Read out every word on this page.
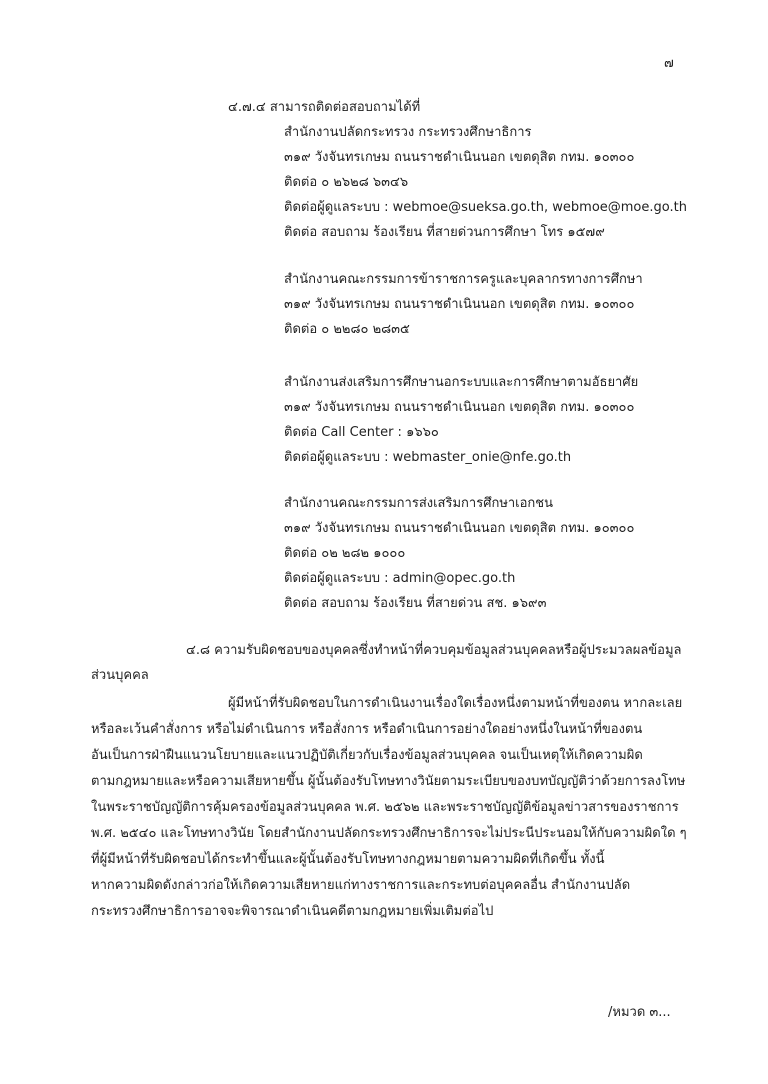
๗
๔.๗.๔ สามารถติดต่อสอบถามได้ที่
สำนักงานปลัดกระทรวง กระทรวงศึกษาธิการ
๓๑๙ วังจันทรเกษม ถนนราชดำเนินนอก เขตดุสิต กทม. ๑๐๓๐๐
ติดต่อ ๐ ๒๖๒๘ ๖๓๔๖
ติดต่อผู้ดูแลระบบ : webmoe@sueksa.go.th, webmoe@moe.go.th
ติดต่อ สอบถาม ร้องเรียน ที่สายด่วนการศึกษา โทร ๑๕๗๙
สำนักงานคณะกรรมการข้าราชการครูและบุคลากรทางการศึกษา
๓๑๙ วังจันทรเกษม ถนนราชดำเนินนอก เขตดุสิต กทม. ๑๐๓๐๐
ติดต่อ ๐ ๒๒๘๐ ๒๘๓๕
สำนักงานส่งเสริมการศึกษานอกระบบและการศึกษาตามอัธยาศัย
๓๑๙ วังจันทรเกษม ถนนราชดำเนินนอก เขตดุสิต กทม. ๑๐๓๐๐
ติดต่อ Call Center : ๑๖๖๐
ติดต่อผู้ดูแลระบบ : webmaster_onie@nfe.go.th
สำนักงานคณะกรรมการส่งเสริมการศึกษาเอกชน
๓๑๙ วังจันทรเกษม ถนนราชดำเนินนอก เขตดุสิต กทม. ๑๐๓๐๐
ติดต่อ ๐๒ ๒๘๒ ๑๐๐๐
ติดต่อผู้ดูแลระบบ : admin@opec.go.th
ติดต่อ สอบถาม ร้องเรียน ที่สายด่วน สช. ๑๖๙๓
๔.๘ ความรับผิดชอบของบุคคลซึ่งทำหน้าที่ควบคุมข้อมูลส่วนบุคคลหรือผู้ประมวลผลข้อมูล
ส่วนบุคคล
ผู้มีหน้าที่รับผิดชอบในการดำเนินงานเรื่องใดเรื่องหนึ่งตามหน้าที่ของตน หากละเลย
หรือละเว้นคำสั่งการ หรือไม่ดำเนินการ หรือสั่งการ หรือดำเนินการอย่างใดอย่างหนึ่งในหน้าที่ของตน
อันเป็นการฝ่าฝืนแนวนโยบายและแนวปฏิบัติเกี่ยวกับเรื่องข้อมูลส่วนบุคคล จนเป็นเหตุให้เกิดความผิด
ตามกฎหมายและหรือความเสียหายขึ้น ผู้นั้นต้องรับโทษทางวินัยตามระเบียบของบทบัญญัติว่าด้วยการลงโทษ
ในพระราชบัญญัติการคุ้มครองข้อมูลส่วนบุคคล พ.ศ. ๒๕๖๒ และพระราชบัญญัติข้อมูลข่าวสารของราชการ
พ.ศ. ๒๕๔๐ และโทษทางวินัย โดยสำนักงานปลัดกระทรวงศึกษาธิการจะไม่ประนีประนอมให้กับความผิดใด ๆ
ที่ผู้มีหน้าที่รับผิดชอบได้กระทำขึ้นและผู้นั้นต้องรับโทษทางกฎหมายตามความผิดที่เกิดขึ้น ทั้งนี้
หากความผิดดังกล่าวก่อให้เกิดความเสียหายแก่ทางราชการและกระทบต่อบุคคลอื่น สำนักงานปลัด
กระทรวงศึกษาธิการอาจจะพิจารณาดำเนินคดีตามกฎหมายเพิ่มเติมต่อไป
/หมวด ๓...
